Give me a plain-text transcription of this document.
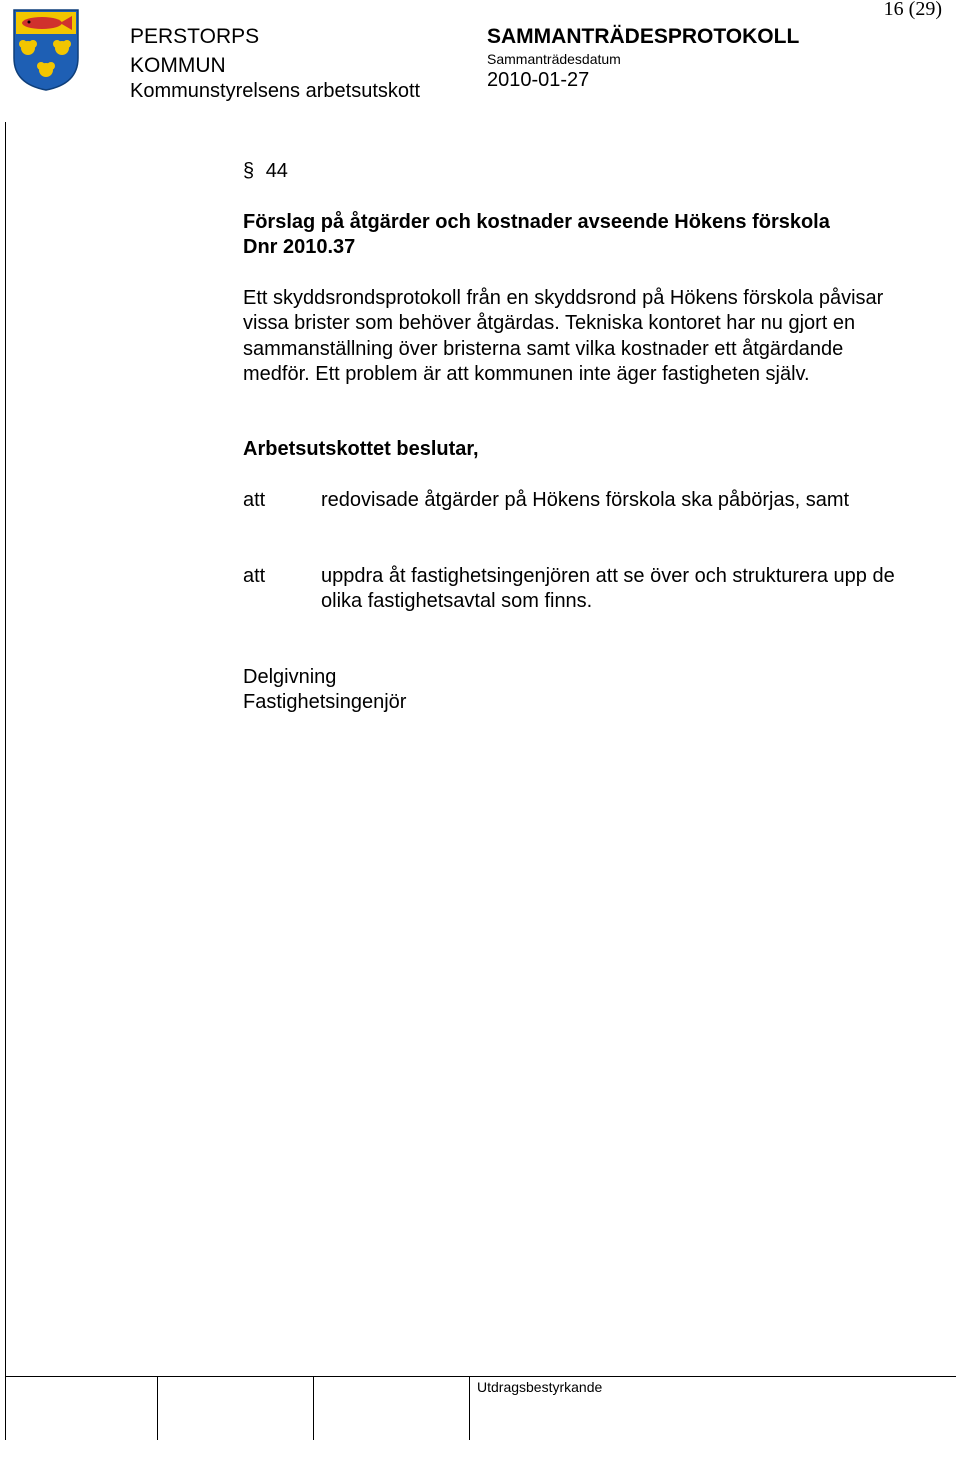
16 (29)
PERSTORPS
KOMMUN
Kommunstyrelsens arbetsutskott
SAMMANTRÄDESPROTOKOLL
Sammanträdesdatum
2010-01-27
§ 44
Förslag på åtgärder och kostnader avseende Hökens förskola
Dnr 2010.37
Ett skyddsrondsprotokoll från en skyddsrond på Hökens förskola påvisar vissa brister som behöver åtgärdas. Tekniska kontoret har nu gjort en sammanställning över bristerna samt vilka kostnader ett åtgärdande medför. Ett problem är att kommunen inte äger fastigheten själv.
Arbetsutskottet beslutar,
att	redovisade åtgärder på Hökens förskola ska påbörjas, samt
att	uppdra åt fastighetsingenjören att se över och strukturera upp de olika fastighetsavtal som finns.
Delgivning
Fastighetsingenjör
Utdragsbestyrkande
